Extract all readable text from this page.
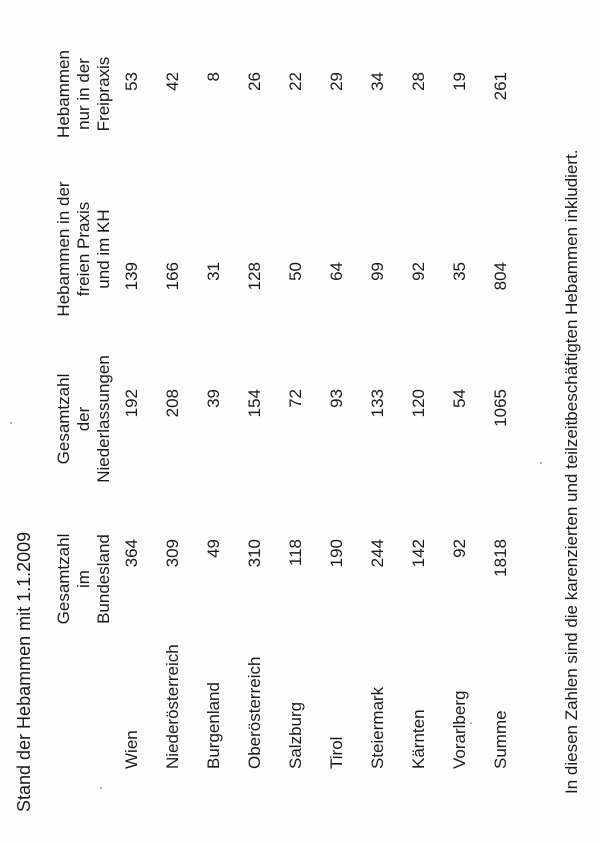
Stand der Hebammen mit 1.1.2009 Gesamtzahl
im
Bundesland
Gesamtzahl
der
Niederlassungen
Hebammen in der
freien Praxis
und im KH
Hebammen
nur in der
Freipraxis
Wien
364
192
139
53
Niederösterreich
309
208
166
42
Burgenland
49
39
31
8
Oberösterreich
310
154
128
26
Salzburg
118
72
50
22
Tirol
190
93
64
29
Steiermark
244
133
99
34
Kärnten
142
120
92
28
Vorarlberg
92
54
35
19
Summe
1818
1065
804
261
In diesen Zahlen sind die karenzierten und teilzeitbeschäftigten Hebammen inkludiert.
